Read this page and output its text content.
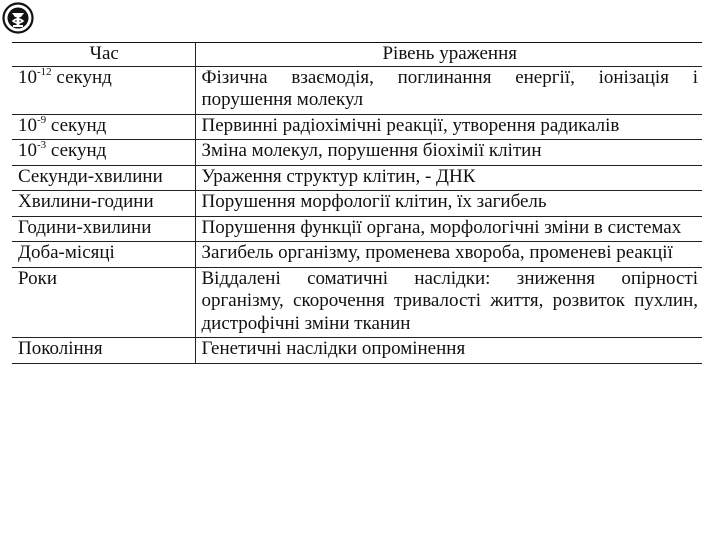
Час	Рівень ураження
$10^{-12}$ секунд	Фізична взаємодія, поглинання енергії, іонізація і порушення молекул
$10^{-9}$ секунд	Первинні радіохімічні реакції, утворення радикалів
$10^{-3}$ секунд	Зміна молекул, порушення біохімії клітин
Секунди-хвилини	Ураження структур клітин, - ДНК
Хвилини-години	Порушення морфології клітин, їх загибель
Години-хвилини	Порушення функції органа, морфологічні зміни в системах
Доба-місяці	Загибель організму, променева хвороба, променеві реакції
Роки	Віддалені соматичні наслідки: зниження опірності організму, скорочення тривалості життя, розвиток пухлин, дистрофічні зміни тканин
Покоління	Генетичні наслідки опромінення
